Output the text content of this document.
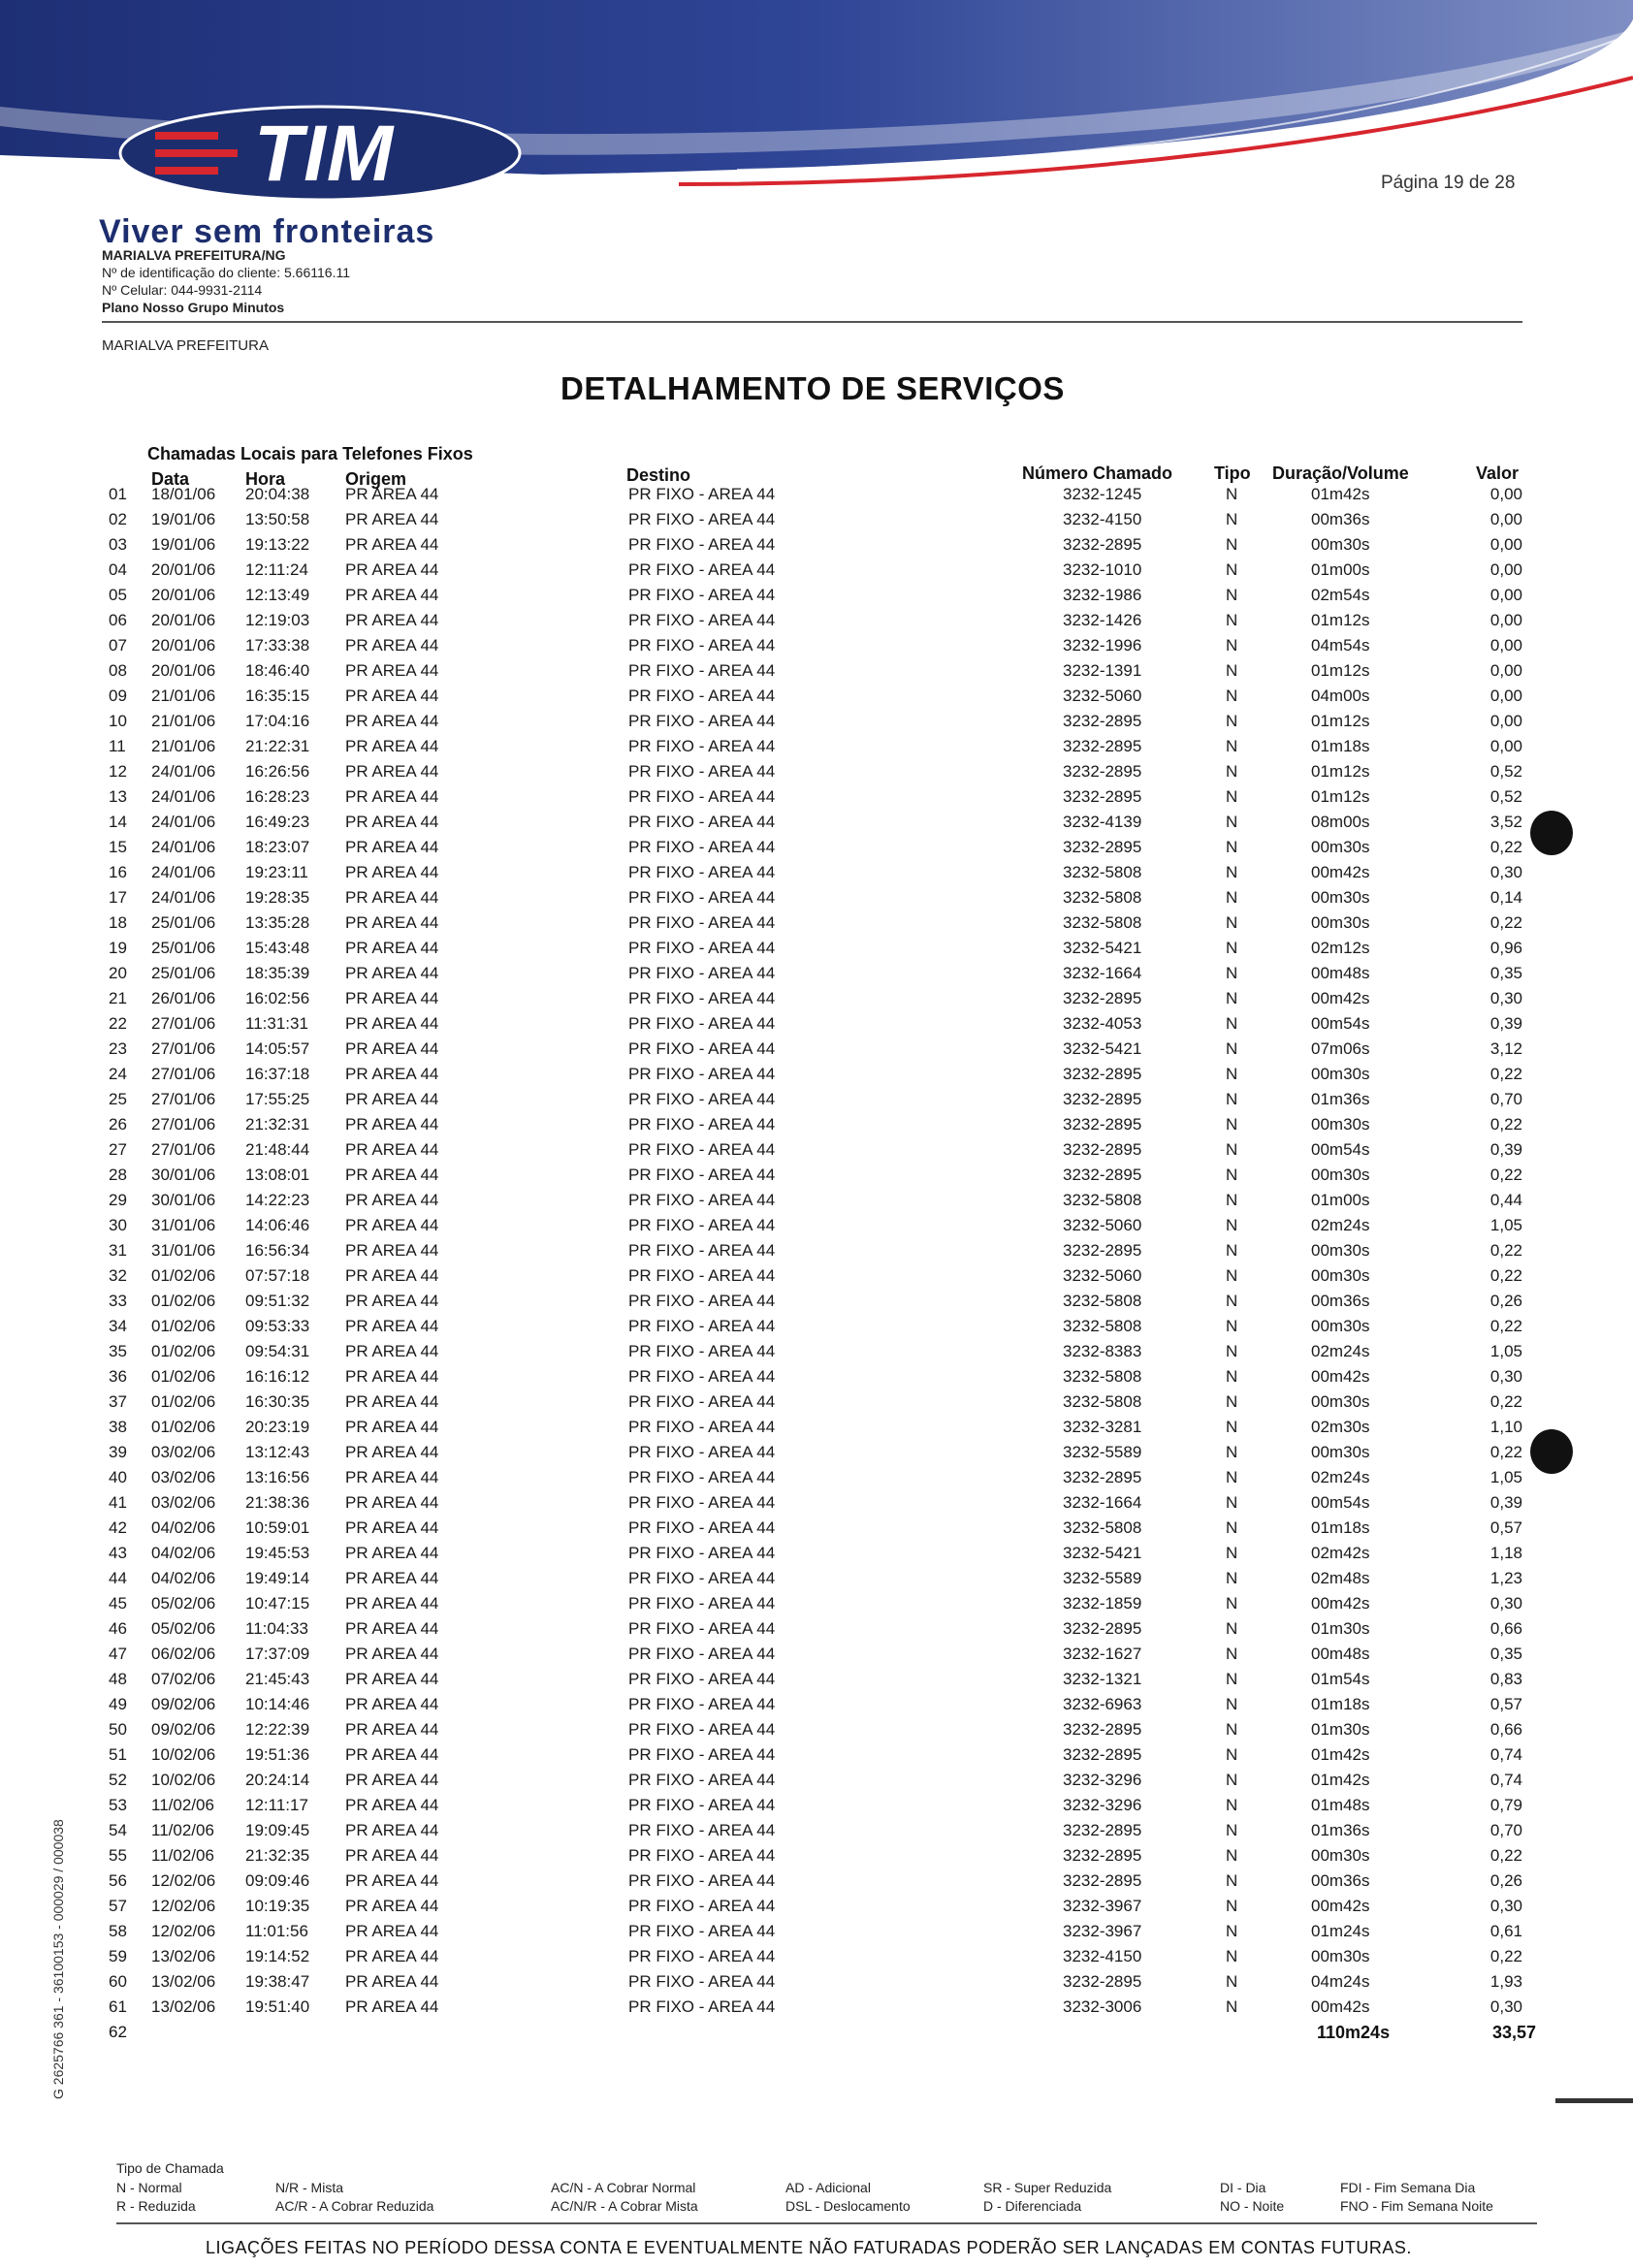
TIM	Página 19 de 28
Viver sem fronteiras
MARIALVA PREFEITURA/NG
Nº de identificação do cliente: 5.66116.11
Nº Celular: 044-9931-2114
Plano Nosso Grupo Minutos
MARIALVA PREFEITURA
DETALHAMENTO DE SERVIÇOS
Chamadas Locais para Telefones Fixos
Data	Hora	Origem	Destino	Número Chamado Tipo Duração/Volume	Valor
01 18/01/06 20:04:38 PR AREA 44	PR FIXO - AREA 44	3232-1245	N	01m42s	0,00
02 19/01/06 13:50:58 PR AREA 44	PR FIXO - AREA 44	3232-4150	N	00m36s	0,00
03 19/01/06 19:13:22 PR AREA 44	PR FIXO - AREA 44	3232-2895	N	00m30s	0,00
04 20/01/06 12:11:24 PR AREA 44	PR FIXO - AREA 44	3232-1010	N	01m00s	0,00
05 20/01/06 12:13:49 PR AREA 44	PR FIXO - AREA 44	3232-1986	N	02m54s	0,00
06 20/01/06 12:19:03 PR AREA 44	PR FIXO - AREA 44	3232-1426	N	01m12s	0,00
07 20/01/06 17:33:38 PR AREA 44	PR FIXO - AREA 44	3232-1996	N	04m54s	0,00
08 20/01/06 18:46:40 PR AREA 44	PR FIXO - AREA 44	3232-1391	N	01m12s	0,00
09 21/01/06 16:35:15 PR AREA 44	PR FIXO - AREA 44	3232-5060	N	04m00s	0,00
10 21/01/06 17:04:16 PR AREA 44	PR FIXO - AREA 44	3232-2895	N	01m12s	0,00
11 21/01/06 21:22:31 PR AREA 44	PR FIXO - AREA 44	3232-2895	N	01m18s	0,00
12 24/01/06 16:26:56 PR AREA 44	PR FIXO - AREA 44	3232-2895	N	01m12s	0,52
13 24/01/06 16:28:23 PR AREA 44	PR FIXO - AREA 44	3232-2895	N	01m12s	0,52
14 24/01/06 16:49:23 PR AREA 44	PR FIXO - AREA 44	3232-4139	N	08m00s	3,52
15 24/01/06 18:23:07 PR AREA 44	PR FIXO - AREA 44	3232-2895	N	00m30s	0,22
16 24/01/06 19:23:11 PR AREA 44	PR FIXO - AREA 44	3232-5808	N	00m42s	0,30
17 24/01/06 19:28:35 PR AREA 44	PR FIXO - AREA 44	3232-5808	N	00m30s	0,14
18 25/01/06 13:35:28 PR AREA 44	PR FIXO - AREA 44	3232-5808	N	00m30s	0,22
19 25/01/06 15:43:48 PR AREA 44	PR FIXO - AREA 44	3232-5421	N	02m12s	0,96
20 25/01/06 18:35:39 PR AREA 44	PR FIXO - AREA 44	3232-1664	N	00m48s	0,35
21 26/01/06 16:02:56 PR AREA 44	PR FIXO - AREA 44	3232-2895	N	00m42s	0,30
22 27/01/06 11:31:31 PR AREA 44	PR FIXO - AREA 44	3232-4053	N	00m54s	0,39
23 27/01/06 14:05:57 PR AREA 44	PR FIXO - AREA 44	3232-5421	N	07m06s	3,12
24 27/01/06 16:37:18 PR AREA 44	PR FIXO - AREA 44	3232-2895	N	00m30s	0,22
25 27/01/06 17:55:25 PR AREA 44	PR FIXO - AREA 44	3232-2895	N	01m36s	0,70
26 27/01/06 21:32:31 PR AREA 44	PR FIXO - AREA 44	3232-2895	N	00m30s	0,22
27 27/01/06 21:48:44 PR AREA 44	PR FIXO - AREA 44	3232-2895	N	00m54s	0,39
28 30/01/06 13:08:01 PR AREA 44	PR FIXO - AREA 44	3232-2895	N	00m30s	0,22
29 30/01/06 14:22:23 PR AREA 44	PR FIXO - AREA 44	3232-5808	N	01m00s	0,44
30 31/01/06 14:06:46 PR AREA 44	PR FIXO - AREA 44	3232-5060	N	02m24s	1,05
31 31/01/06 16:56:34 PR AREA 44	PR FIXO - AREA 44	3232-2895	N	00m30s	0,22
32 01/02/06 07:57:18 PR AREA 44	PR FIXO - AREA 44	3232-5060	N	00m30s	0,22
33 01/02/06 09:51:32 PR AREA 44	PR FIXO - AREA 44	3232-5808	N	00m36s	0,26
34 01/02/06 09:53:33 PR AREA 44	PR FIXO - AREA 44	3232-5808	N	00m30s	0,22
35 01/02/06 09:54:31 PR AREA 44	PR FIXO - AREA 44	3232-8383	N	02m24s	1,05
36 01/02/06 16:16:12 PR AREA 44	PR FIXO - AREA 44	3232-5808	N	00m42s	0,30
37 01/02/06 16:30:35 PR AREA 44	PR FIXO - AREA 44	3232-5808	N	00m30s	0,22
38 01/02/06 20:23:19 PR AREA 44	PR FIXO - AREA 44	3232-3281	N	02m30s	1,10
39 03/02/06 13:12:43 PR AREA 44	PR FIXO - AREA 44	3232-5589	N	00m30s	0,22
40 03/02/06 13:16:56 PR AREA 44	PR FIXO - AREA 44	3232-2895	N	02m24s	1,05
41 03/02/06 21:38:36 PR AREA 44	PR FIXO - AREA 44	3232-1664	N	00m54s	0,39
42 04/02/06 10:59:01 PR AREA 44	PR FIXO - AREA 44	3232-5808	N	01m18s	0,57
43 04/02/06 19:45:53 PR AREA 44	PR FIXO - AREA 44	3232-5421	N	02m42s	1,18
44 04/02/06 19:49:14 PR AREA 44	PR FIXO - AREA 44	3232-5589	N	02m48s	1,23
45 05/02/06 10:47:15 PR AREA 44	PR FIXO - AREA 44	3232-1859	N	00m42s	0,30
46 05/02/06 11:04:33 PR AREA 44	PR FIXO - AREA 44	3232-2895	N	01m30s	0,66
47 06/02/06 17:37:09 PR AREA 44	PR FIXO - AREA 44	3232-1627	N	00m48s	0,35
48 07/02/06 21:45:43 PR AREA 44	PR FIXO - AREA 44	3232-1321	N	01m54s	0,83
49 09/02/06 10:14:46 PR AREA 44	PR FIXO - AREA 44	3232-6963	N	01m18s	0,57
50 09/02/06 12:22:39 PR AREA 44	PR FIXO - AREA 44	3232-2895	N	01m30s	0,66
51 10/02/06 19:51:36 PR AREA 44	PR FIXO - AREA 44	3232-2895	N	01m42s	0,74
52 10/02/06 20:24:14 PR AREA 44	PR FIXO - AREA 44	3232-3296	N	01m42s	0,74
53 11/02/06 12:11:17 PR AREA 44	PR FIXO - AREA 44	3232-3296	N	01m48s	0,79
54 11/02/06 19:09:45 PR AREA 44	PR FIXO - AREA 44	3232-2895	N	01m36s	0,70
55 11/02/06 21:32:35 PR AREA 44	PR FIXO - AREA 44	3232-2895	N	00m30s	0,22
56 12/02/06 09:09:46 PR AREA 44	PR FIXO - AREA 44	3232-2895	N	00m36s	0,26
57 12/02/06 10:19:35 PR AREA 44	PR FIXO - AREA 44	3232-3967	N	00m42s	0,30
58 12/02/06 11:01:56 PR AREA 44	PR FIXO - AREA 44	3232-3967	N	01m24s	0,61
59 13/02/06 19:14:52 PR AREA 44	PR FIXO - AREA 44	3232-4150	N	00m30s	0,22
60 13/02/06 19:38:47 PR AREA 44	PR FIXO - AREA 44	3232-2895	N	04m24s	1,93
61 13/02/06 19:51:40 PR AREA 44	PR FIXO - AREA 44	3232-3006	N	00m42s	0,30
62	110m24s	33,57
Tipo de Chamada
N - Normal
R - Reduzida
N/R - Mista
AC/R - A Cobrar Reduzida
AC/N - A Cobrar Normal
AC/N/R - A Cobrar Mista
AD - Adicional
DSL - Deslocamento
SR - Super Reduzida
D - Diferenciada
DI - Dia
NO - Noite
FDI - Fim Semana Dia
FNO - Fim Semana Noite
LIGAÇÕES FEITAS NO PERÍODO DESSA CONTA E EVENTUALMENTE NÃO FATURADAS PODERÃO SER LANÇADAS EM CONTAS FUTURAS.
G 2625766 361 - 36100153 - 000029 / 000038
